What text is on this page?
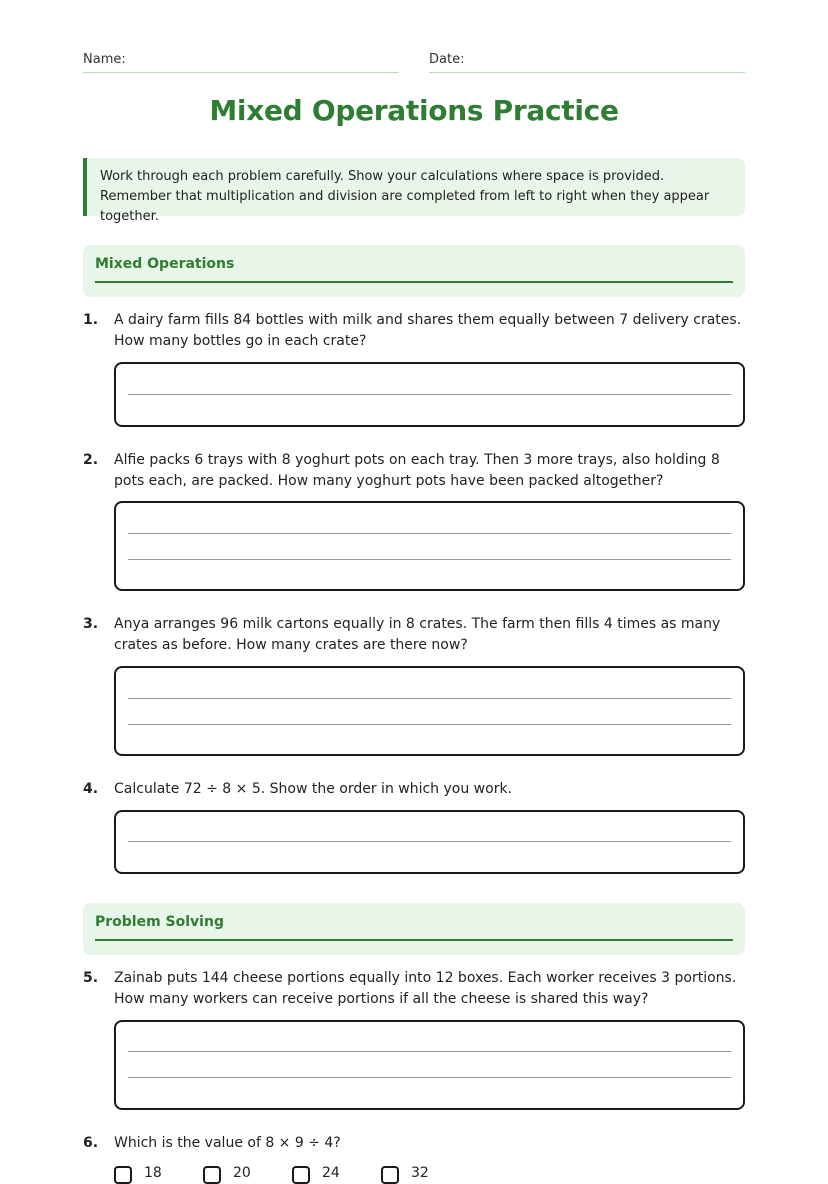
Name:	Date:
Mixed Operations Practice
Work through each problem carefully. Show your calculations where space is provided. Remember that multiplication and division are completed from left to right when they appear together.
Mixed Operations
1. A dairy farm fills 84 bottles with milk and shares them equally between 7 delivery crates. How many bottles go in each crate?
2. Alfie packs 6 trays with 8 yoghurt pots on each tray. Then 3 more trays, also holding 8 pots each, are packed. How many yoghurt pots have been packed altogether?
3. Anya arranges 96 milk cartons equally in 8 crates. The farm then fills 4 times as many crates as before. How many crates are there now?
4. Calculate 72 ÷ 8 × 5. Show the order in which you work.
Problem Solving
5. Zainab puts 144 cheese portions equally into 12 boxes. Each worker receives 3 portions. How many workers can receive portions if all the cheese is shared this way?
6. Which is the value of 8 × 9 ÷ 4?
18	20	24	32
